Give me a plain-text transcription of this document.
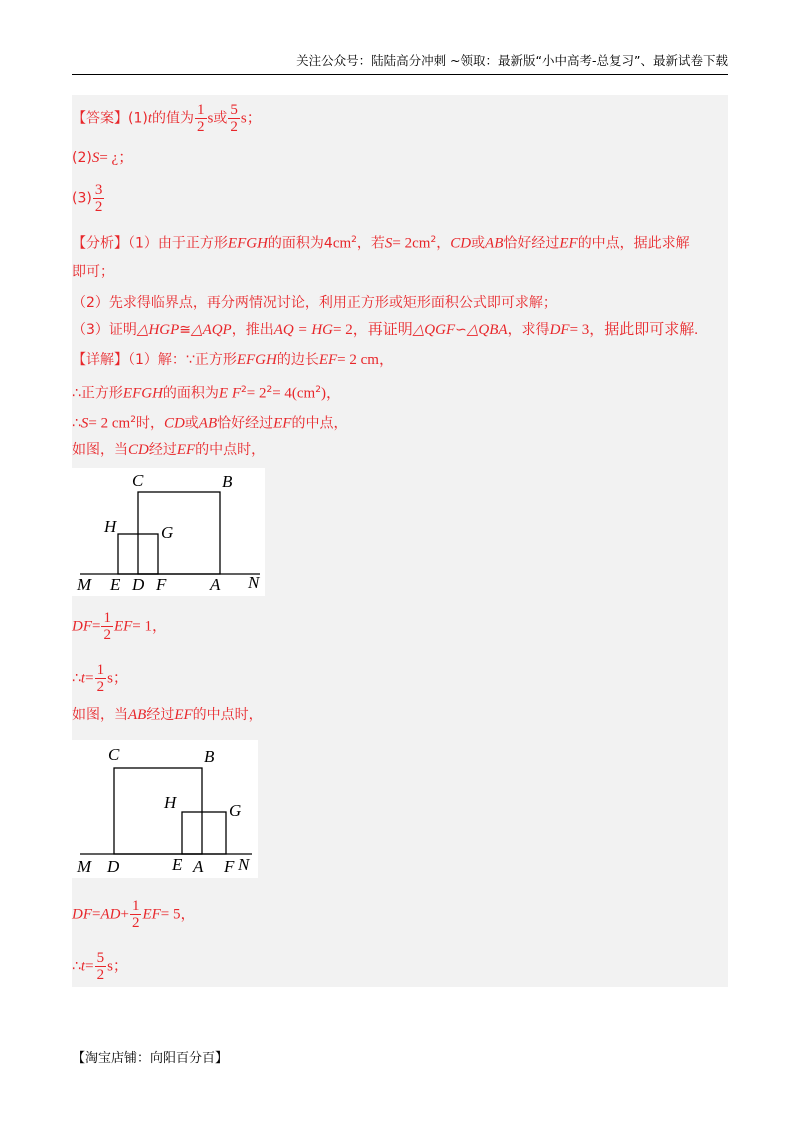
关注公众号：陆陆高分冲刺 ~领取：最新版“小中高考-总复习”、最新试卷下载
【答案】(1)t的值为 $\frac{1}{2}$ s或 $\frac{5}{2}$ s；
(2)S= ¿；
$(3) \frac{3}{2}$
【分析】（1）由于正方形EFGH的面积为$4cm^2$，若$S= 2cm^2$，CD或AB恰好经过EF的中点，据此求解
即可；
（2）先求得临界点，再分两情况讨论，利用正方形或矩形面积公式即可求解；
（3）证明△HGP≅△AQP，推出AQ = HG= 2，再证明△QGF∽△QBA，求得DF= 3，据此即可求解.
【详解】（1）解：∵正方形EFGH的边长EF= 2 cm，
∴正方形EFGH的面积为E $F^2= 2^2= 4(cm^2)$，
∴S= 2 $cm^2$时，CD或AB恰好经过EF的中点，
如图，当CD经过EF的中点时，
C	B
H	G
M E D F	A N
$DF= \frac{1}{2} EF= 1$，
∴t= $\frac{1}{2}$ s；
如图，当AB经过EF的中点时，
C	B
H	G
M D	E A F N
$DF=AD+ \frac{1}{2} EF= 5$，
∴t= $\frac{5}{2}$ s；
【淘宝店铺：向阳百分百】
